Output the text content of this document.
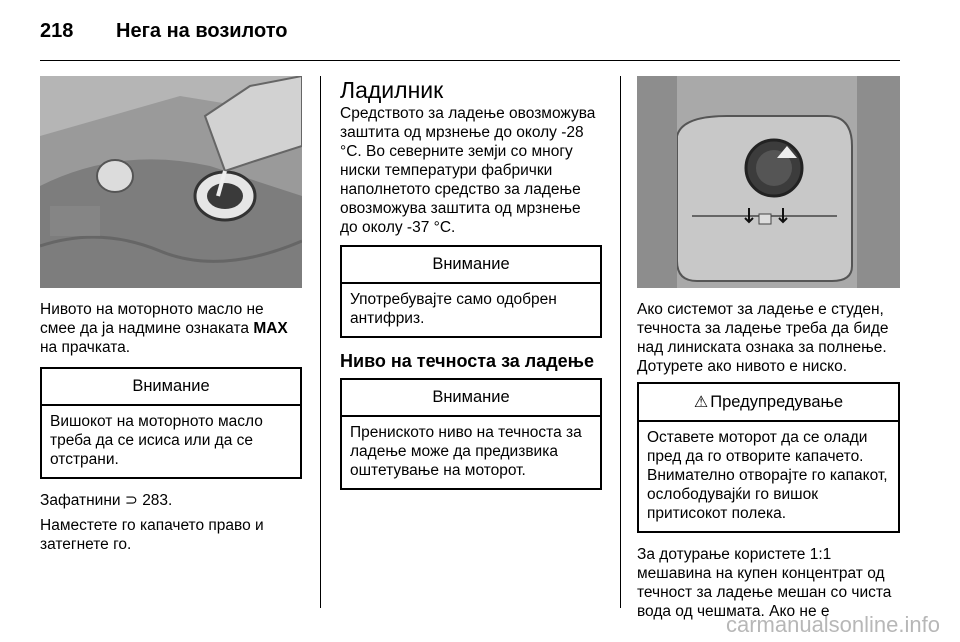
218 Нега на возилото

Нивото на моторното масло не смее да ја надмине ознаката MAX на прачката.

Внимание
Вишокот на моторното масло треба да се исиса или да се отстрани.

Зафатнини ⊃ 283.

Наместете го капачето право и затегнете го.

Ладилник

Средството за ладење овозможува заштита од мрзнење до околу -28 °C. Во северните земји со многу ниски температури фабрички наполнетото средство за ладење овозможува заштита од мрзнење до околу -37 °C.

Внимание
Употребувајте само одобрен антифриз.
Ниво на течноста за ладење
Внимание
Прениското ниво на течноста за ладење може да предизвика оштетување на моторот.

Ако системот за ладење е студен, течноста за ладење треба да биде над линиската ознака за полнење. Дотурете ако нивото е ниско.

⚠ Предупредување
Оставете моторот да се олади пред да го отворите капачето. Внимателно отворајте го капакот, ослободувајќи го вишок притисокот полека.

За дотурање користете 1:1 мешавина на купен концентрат од течност за ладење мешан со чиста вода од чешмата. Ако не е

carmanualsonline.info
